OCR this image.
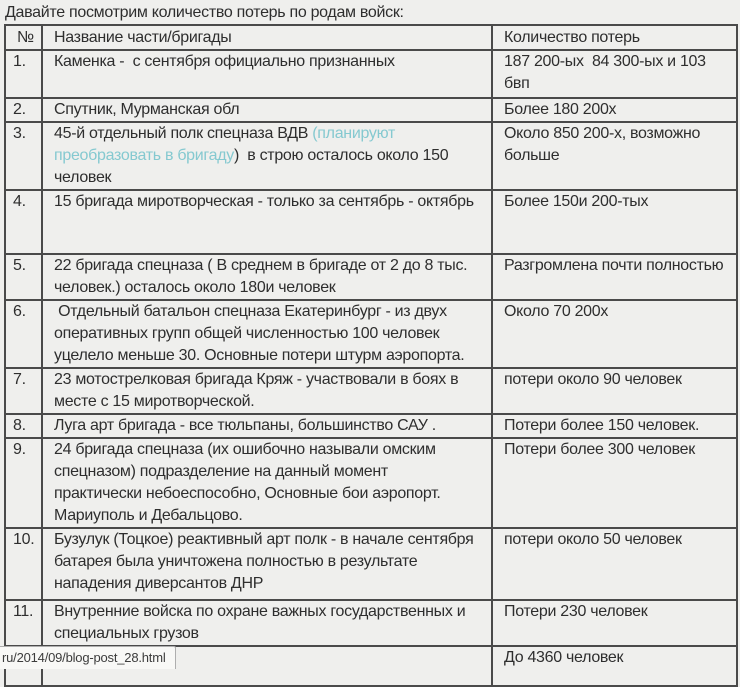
Давайте посмотрим количество потерь по родам войск:
№	Название части/бригады	Количество потерь
1.	Каменка -  с сентября официально признанных	187 200-ых  84 300-ых и 103 бвп
2.	Спутник, Мурманская обл	Более 180 200х
3.	45-й отдельный полк спецназа ВДВ (планируют преобразовать в бригаду)  в строю осталось около 150 человек	Около 850 200-х, возможно больше
4.	15 бригада миротворческая - только за сентябрь - октябрь	Более 150и 200-тых
5.	22 бригада спецназа ( В среднем в бригаде от 2 до 8 тыс. человек.) осталось около 180и человек	Разгромлена почти полностью
6.	Отдельный батальон спецназа Екатеринбург - из двух оперативных групп общей численностью 100 человек уцелело меньше 30. Основные потери штурм аэропорта.	Около 70 200х
7.	23 мотострелковая бригада Кряж - участвовали в боях в месте с 15 миротворческой.	потери около 90 человек
8.	Луга арт бригада - все тюльпаны, большинство САУ .	Потери более 150 человек.
9.	24 бригада спецназа (их ошибочно называли омским спецназом) подразделение на данный момент практически небоеспособно, Основные бои аэропорт. Мариуполь и Дебальцово.	Потери более 300 человек
10.	Бузулук (Тоцкое) реактивный арт полк - в начале сентября батарея была уничтожена полностью в результате нападения диверсантов ДНР	потери около 50 человек
11.	Внутренние войска по охране важных государственных и специальных грузов	Потери 230 человек
		До 4360 человек
ru/2014/09/blog-post_28.html
